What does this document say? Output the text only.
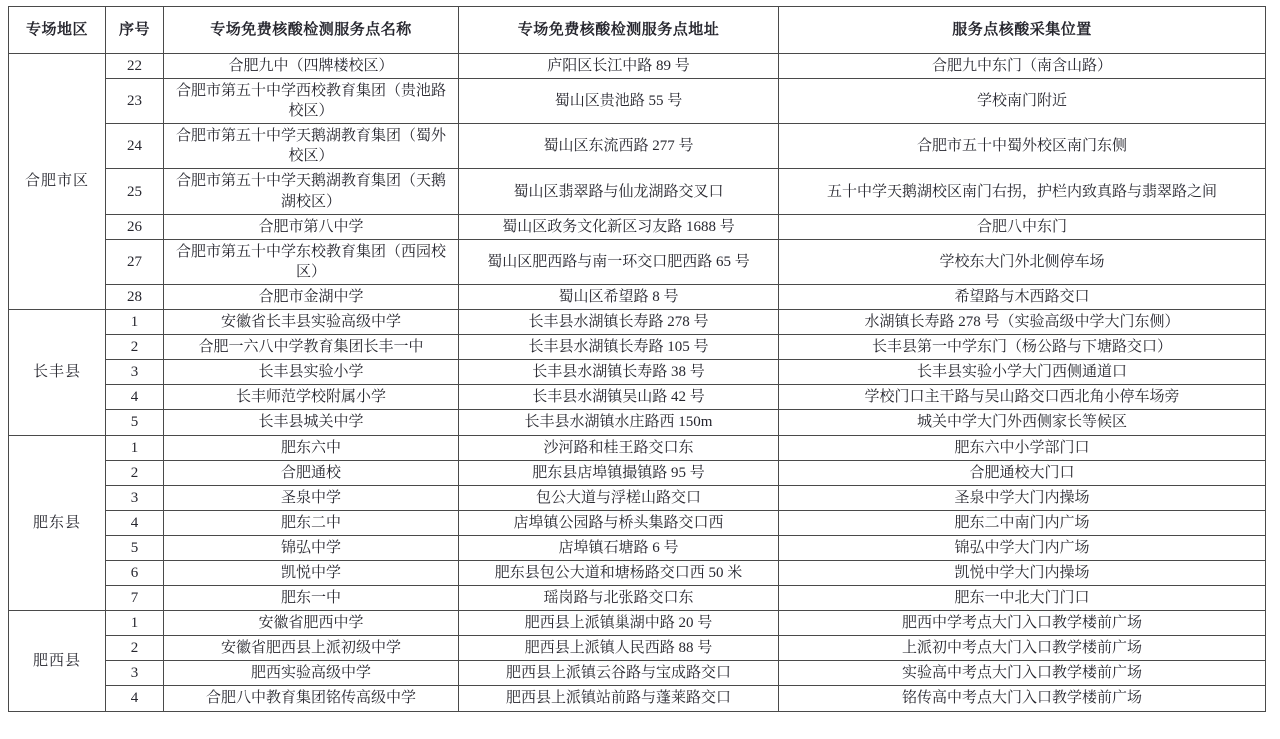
专场地区	序号	专场免费核酸检测服务点名称	专场免费核酸检测服务点地址	服务点核酸采集位置
合肥市区	22	合肥九中（四牌楼校区）	庐阳区长江中路 89 号	合肥九中东门（南含山路）
	23	合肥市第五十中学西校教育集团（贵池路校区）	蜀山区贵池路 55 号	学校南门附近
	24	合肥市第五十中学天鹅湖教育集团（蜀外校区）	蜀山区东流西路 277 号	合肥市五十中蜀外校区南门东侧
	25	合肥市第五十中学天鹅湖教育集团（天鹅湖校区）	蜀山区翡翠路与仙龙湖路交叉口	五十中学天鹅湖校区南门右拐，护栏内致真路与翡翠路之间
	26	合肥市第八中学	蜀山区政务文化新区习友路 1688 号	合肥八中东门
	27	合肥市第五十中学东校教育集团（西园校区）	蜀山区肥西路与南一环交口肥西路 65 号	学校东大门外北侧停车场
	28	合肥市金湖中学	蜀山区希望路 8 号	希望路与木西路交口
长丰县	1	安徽省长丰县实验高级中学	长丰县水湖镇长寿路 278 号	水湖镇长寿路 278 号（实验高级中学大门东侧）
	2	合肥一六八中学教育集团长丰一中	长丰县水湖镇长寿路 105 号	长丰县第一中学东门（杨公路与下塘路交口）
	3	长丰县实验小学	长丰县水湖镇长寿路 38 号	长丰县实验小学大门西侧通道口
	4	长丰师范学校附属小学	长丰县水湖镇吴山路 42 号	学校门口主干路与吴山路交口西北角小停车场旁
	5	长丰县城关中学	长丰县水湖镇水庄路西 150m	城关中学大门外西侧家长等候区
肥东县	1	肥东六中	沙河路和桂王路交口东	肥东六中小学部门口
	2	合肥通校	肥东县店埠镇撮镇路 95 号	合肥通校大门口
	3	圣泉中学	包公大道与浮槎山路交口	圣泉中学大门内操场
	4	肥东二中	店埠镇公园路与桥头集路交口西	肥东二中南门内广场
	5	锦弘中学	店埠镇石塘路 6 号	锦弘中学大门内广场
	6	凯悦中学	肥东县包公大道和塘杨路交口西 50 米	凯悦中学大门内操场
	7	肥东一中	瑶岗路与北张路交口东	肥东一中北大门门口
肥西县	1	安徽省肥西中学	肥西县上派镇巢湖中路 20 号	肥西中学考点大门入口教学楼前广场
	2	安徽省肥西县上派初级中学	肥西县上派镇人民西路 88 号	上派初中考点大门入口教学楼前广场
	3	肥西实验高级中学	肥西县上派镇云谷路与宝成路交口	实验高中考点大门入口教学楼前广场
	4	合肥八中教育集团铭传高级中学	肥西县上派镇站前路与蓬莱路交口	铭传高中考点大门入口教学楼前广场
